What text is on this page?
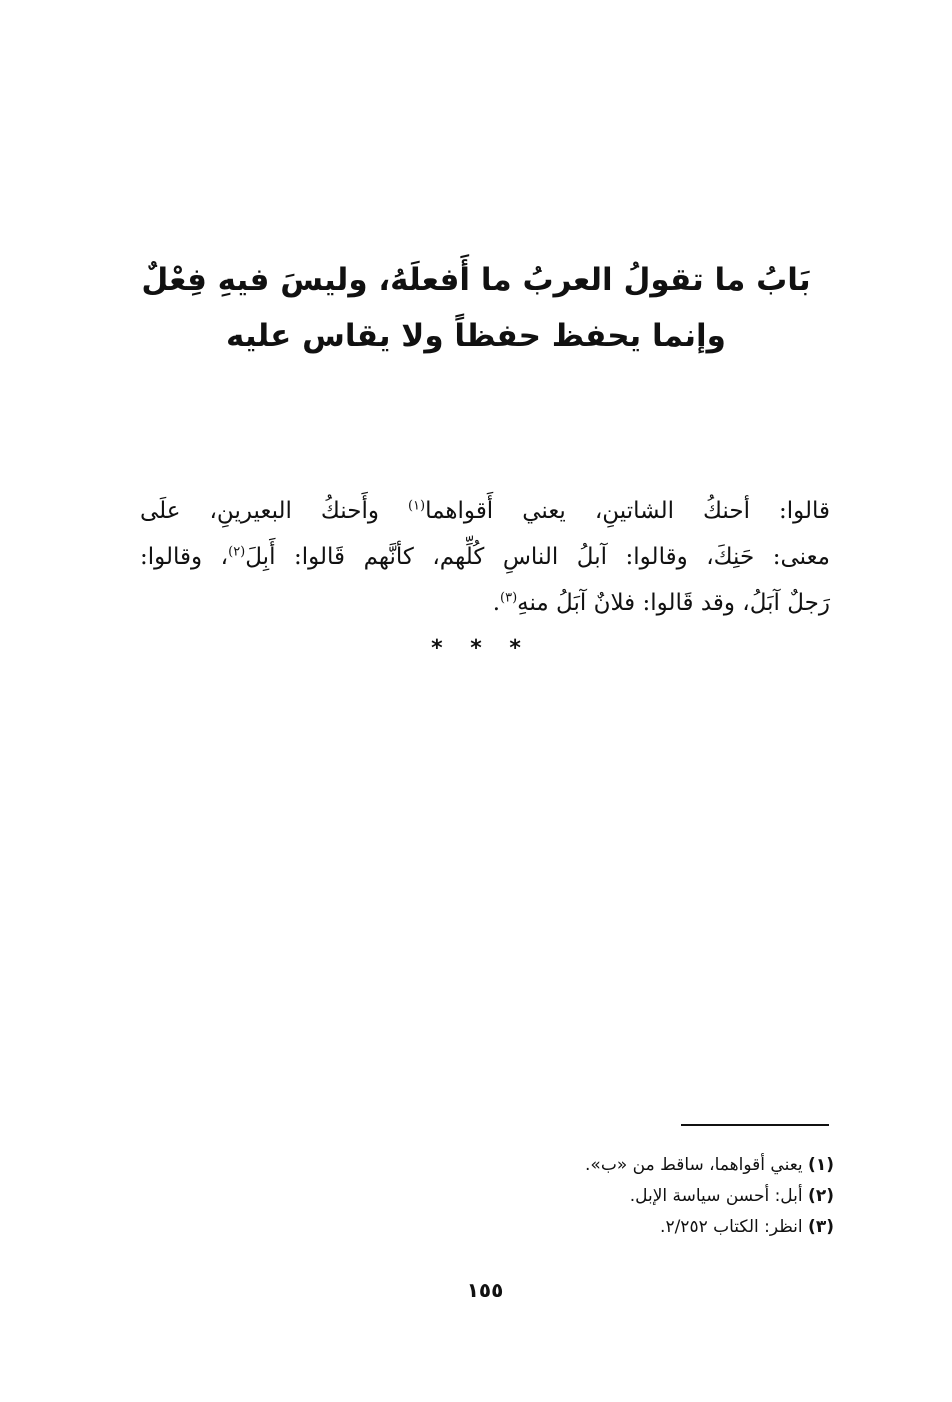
بَابُ ما تقولُ العربُ ما أَفعلَهُ، وليسَ فيهِ فِعْلٌ
وإنما يحفظ حفظاً ولا يقاس عليه
قالوا: أحنكُ الشاتينِ، يعني أَقواهما$^{(١)}$ وأَحنكُ البعيرينِ، علَى
معنى: حَنِكَ، وقالوا: آبلُ الناسِ كُلِّهم، كأنَّهم قَالوا: أَبِلَ$^{(٢)}$، وقالوا:
رَجلٌ آبَلُ، وقد قَالوا: فلانٌ آبَلُ منهِ$^{(٣)}$.
* * *
(١) يعني أقواهما، ساقط من «ب».
(٢) أبل: أحسن سياسة الإبل.
(٣) انظر: الكتاب ٢/٢٥٢.
١٥٥
